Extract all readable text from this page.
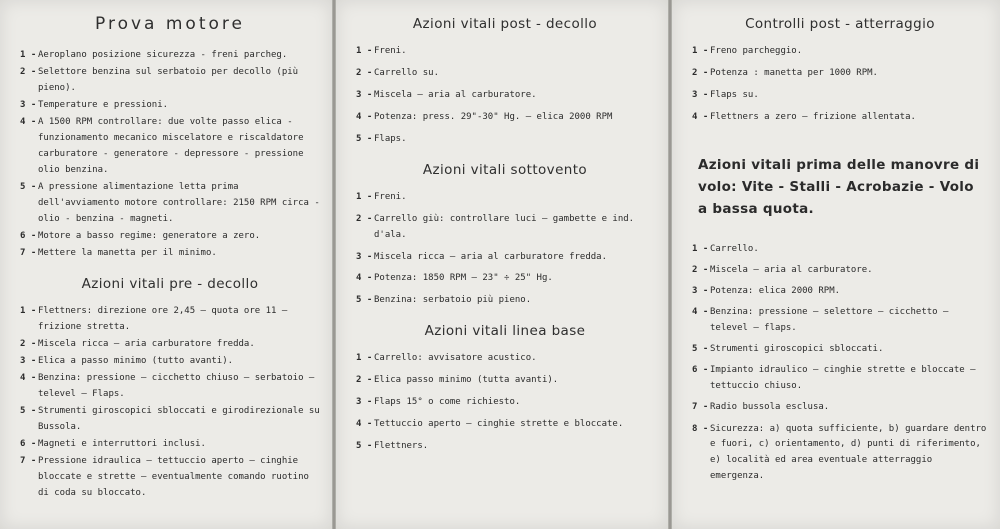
Prova motore
1 - Aeroplano posizione sicurezza - freni parcheg.
2 - Selettore benzina sul serbatoio per decollo (più pieno).
3 - Temperature e pressioni.
4 - A 1500 RPM controllare: due volte passo elica - funzionamento mecanico miscelatore e riscaldatore carburatore - generatore - depressore - pressione olio benzina.
5 - A pressione alimentazione letta prima dell'avviamento motore controllare: 2150 RPM circa - olio - benzina - magneti.
6 - Motore a basso regime: generatore a zero.
7 - Mettere la manetta per il minimo.
Azioni vitali pre - decollo
1 - Flettners: direzione ore 2,45 — quota ore 11 — frizione stretta.
2 - Miscela ricca — aria carburatore fredda.
3 - Elica a passo minimo (tutto avanti).
4 - Benzina: pressione — cicchetto chiuso — serbatoio — televel — Flaps.
5 - Strumenti giroscopici sbloccati e girodirezionale su Bussola.
6 - Magneti e interruttori inclusi.
7 - Pressione idraulica — tettuccio aperto — cinghie bloccate e strette — eventualmente comando ruotino di coda su bloccato.
Azioni vitali post - decollo
1 - Freni.
2 - Carrello su.
3 - Miscela — aria al carburatore.
4 - Potenza: press. 29"-30" Hg. — elica 2000 RPM
5 - Flaps.
Azioni vitali sottovento
1 - Freni.
2 - Carrello giù: controllare luci — gambette e ind. d'ala.
3 - Miscela ricca — aria al carburatore fredda.
4 - Potenza: 1850 RPM — 23" ÷ 25" Hg.
5 - Benzina: serbatoio più pieno.
Azioni vitali linea base
1 - Carrello: avvisatore acustico.
2 - Elica passo minimo (tutta avanti).
3 - Flaps 15° o come richiesto.
4 - Tettuccio aperto — cinghie strette e bloccate.
5 - Flettners.
Controlli post - atterraggio
1 - Freno parcheggio.
2 - Potenza : manetta per 1000 RPM.
3 - Flaps su.
4 - Flettners a zero — frizione allentata.
Azioni vitali prima delle manovre di volo: Vite - Stalli - Acrobazie - Volo a bassa quota.
1 - Carrello.
2 - Miscela — aria al carburatore.
3 - Potenza: elica 2000 RPM.
4 - Benzina: pressione — selettore — cicchetto — televel — flaps.
5 - Strumenti giroscopici sbloccati.
6 - Impianto idraulico — cinghie strette e bloccate — tettuccio chiuso.
7 - Radio bussola esclusa.
8 - Sicurezza: a) quota sufficiente, b) guardare dentro e fuori, c) orientamento, d) punti di riferimento, e) località ed area eventuale atterraggio emergenza.
